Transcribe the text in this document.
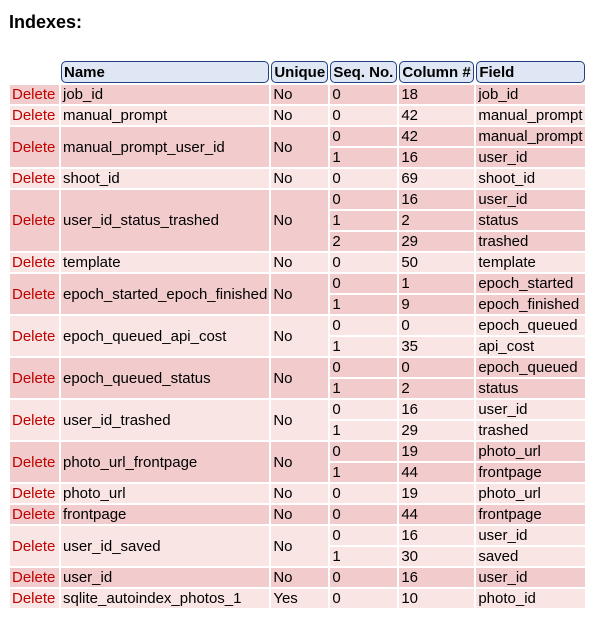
Indexes:
	Name	Unique	Seq. No.	Column #	Field
Delete	job_id	No	0	18	job_id
Delete	manual_prompt	No	0	42	manual_prompt
Delete	manual_prompt_user_id	No	0	42	manual_prompt
			1	16	user_id
Delete	shoot_id	No	0	69	shoot_id
Delete	user_id_status_trashed	No	0	16	user_id
			1	2	status
			2	29	trashed
Delete	template	No	0	50	template
Delete	epoch_started_epoch_finished	No	0	1	epoch_started
			1	9	epoch_finished
Delete	epoch_queued_api_cost	No	0	0	epoch_queued
			1	35	api_cost
Delete	epoch_queued_status	No	0	0	epoch_queued
			1	2	status
Delete	user_id_trashed	No	0	16	user_id
			1	29	trashed
Delete	photo_url_frontpage	No	0	19	photo_url
			1	44	frontpage
Delete	photo_url	No	0	19	photo_url
Delete	frontpage	No	0	44	frontpage
Delete	user_id_saved	No	0	16	user_id
			1	30	saved
Delete	user_id	No	0	16	user_id
Delete	sqlite_autoindex_photos_1	Yes	0	10	photo_id
